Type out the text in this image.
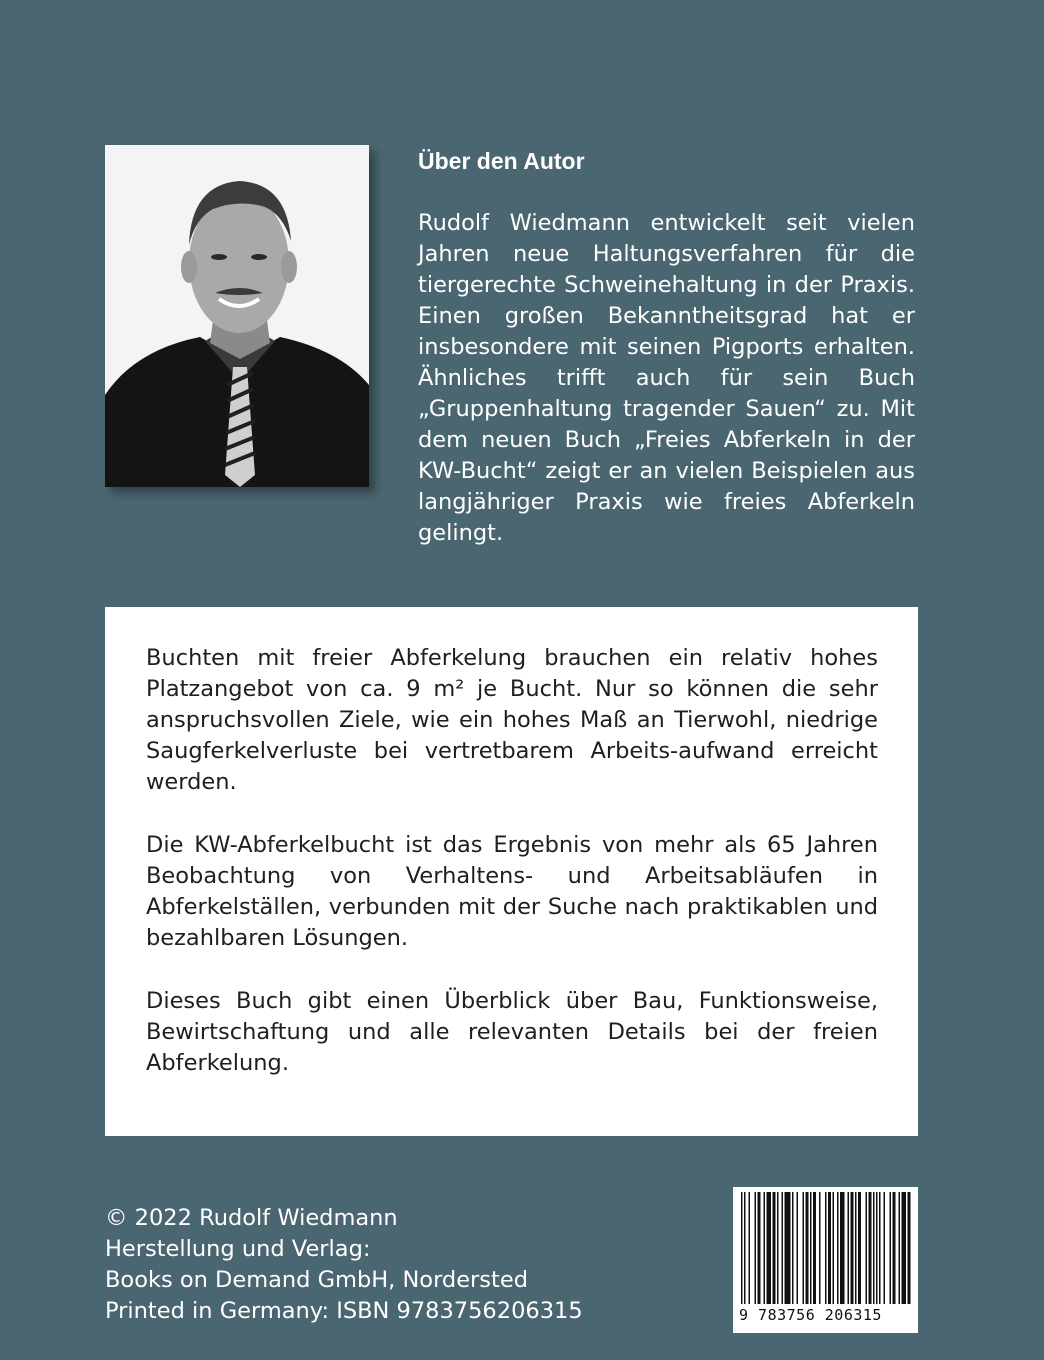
Über den Autor

Rudolf Wiedmann entwickelt seit vielen Jahren neue Haltungsverfahren für die tiergerechte Schweinehaltung in der Praxis. Einen großen Bekanntheitsgrad hat er insbesondere mit seinen Pigports erhalten. Ähnliches trifft auch für sein Buch „Gruppenhaltung tragender Sauen“ zu. Mit dem neuen Buch „Freies Abferkeln in der KW-Bucht“ zeigt er an vielen Beispielen aus langjähriger Praxis wie freies Abferkeln gelingt.

Buchten mit freier Abferkelung brauchen ein relativ hohes Platzangebot von ca. 9 m² je Bucht. Nur so können die sehr anspruchsvollen Ziele, wie ein hohes Maß an Tierwohl, niedrige Saugferkelverluste bei vertretbarem Arbeits-aufwand erreicht werden.

Die KW-Abferkelbucht ist das Ergebnis von mehr als 65 Jahren Beobachtung von Verhaltens- und Arbeitsabläufen in Abferkelställen, verbunden mit der Suche nach praktikablen und bezahlbaren Lösungen.

Dieses Buch gibt einen Überblick über Bau, Funktionsweise, Bewirtschaftung und alle relevanten Details bei der freien Abferkelung.

© 2022 Rudolf Wiedmann
Herstellung und Verlag:
Books on Demand GmbH, Nordersted
Printed in Germany: ISBN 9783756206315	9 783756 206315
